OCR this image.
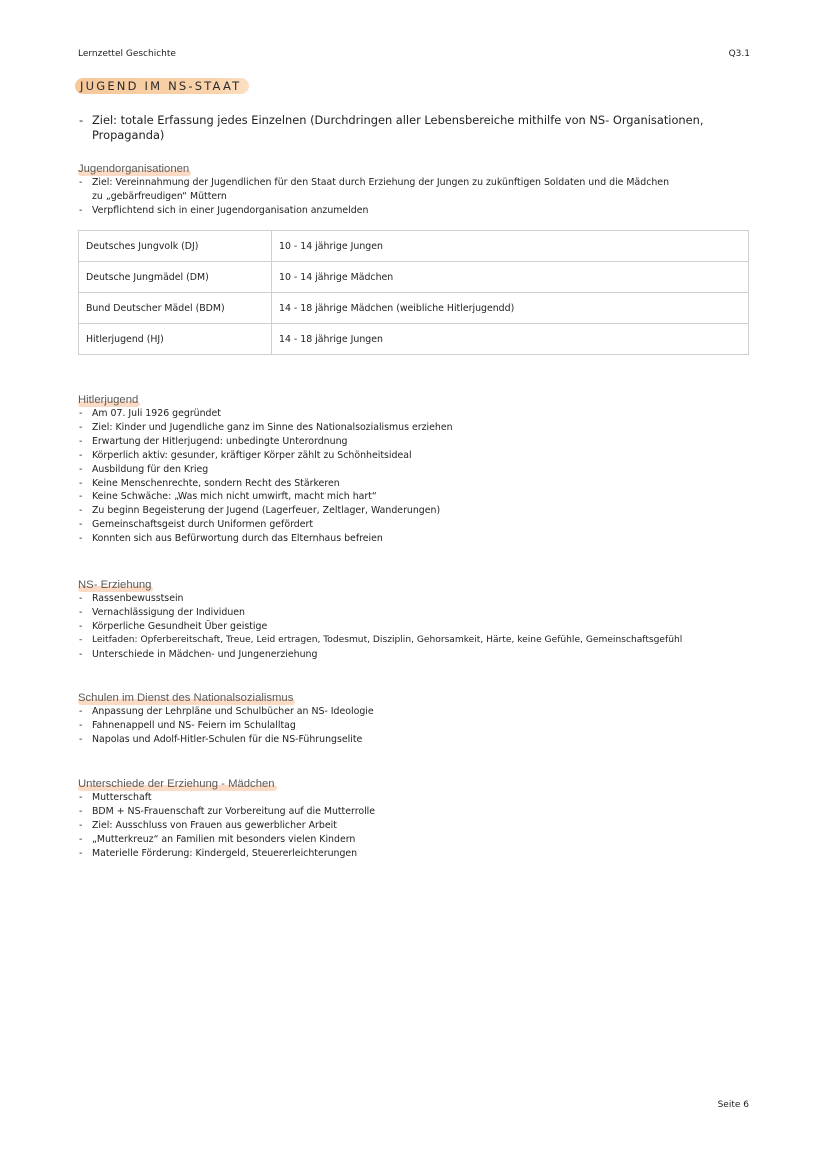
Lernzettel Geschichte	Q3.1
JUGEND IM NS-STAAT
- Ziel: totale Erfassung jedes Einzelnen (Durchdringen aller Lebensbereiche mithilfe von NS- Organisationen, Propaganda)
Jugendorganisationen
- Ziel: Vereinnahmung der Jugendlichen für den Staat durch Erziehung der Jungen zu zukünftigen Soldaten und die Mädchen zu „gebärfreudigen“ Müttern
- Verpflichtend sich in einer Jugendorganisation anzumelden
Deutsches Jungvolk (DJ)	10 - 14 jährige Jungen
Deutsche Jungmädel (DM)	10 - 14 jährige Mädchen
Bund Deutscher Mädel (BDM)	14 - 18 jährige Mädchen (weibliche Hitlerjugendd)
Hitlerjugend (HJ)	14 - 18 jährige Jungen
Hitlerjugend
- Am 07. Juli 1926 gegründet
- Ziel: Kinder und Jugendliche ganz im Sinne des Nationalsozialismus erziehen
- Erwartung der Hitlerjugend: unbedingte Unterordnung
- Körperlich aktiv: gesunder, kräftiger Körper zählt zu Schönheitsideal
- Ausbildung für den Krieg
- Keine Menschenrechte, sondern Recht des Stärkeren
- Keine Schwäche: „Was mich nicht umwirft, macht mich hart“
- Zu beginn Begeisterung der Jugend (Lagerfeuer, Zeltlager, Wanderungen)
- Gemeinschaftsgeist durch Uniformen gefördert
- Konnten sich aus Befürwortung durch das Elternhaus befreien
NS- Erziehung
- Rassenbewusstsein
- Vernachlässigung der Individuen
- Körperliche Gesundheit Über geistige
- Leitfaden: Opferbereitschaft, Treue, Leid ertragen, Todesmut, Disziplin, Gehorsamkeit, Härte, keine Gefühle, Gemeinschaftsgefühl
- Unterschiede in Mädchen- und Jungenerziehung
Schulen im Dienst des Nationalsozialismus
- Anpassung der Lehrpläne und Schulbücher an NS- Ideologie
- Fahnenappell und NS- Feiern im Schulalltag
- Napolas und Adolf-Hitler-Schulen für die NS-Führungselite
Unterschiede der Erziehung - Mädchen
- Mutterschaft
- BDM + NS-Frauenschaft zur Vorbereitung auf die Mutterrolle
- Ziel: Ausschluss von Frauen aus gewerblicher Arbeit
- „Mutterkreuz“ an Familien mit besonders vielen Kindern
- Materielle Förderung: Kindergeld, Steuererleichterungen
Seite 6
